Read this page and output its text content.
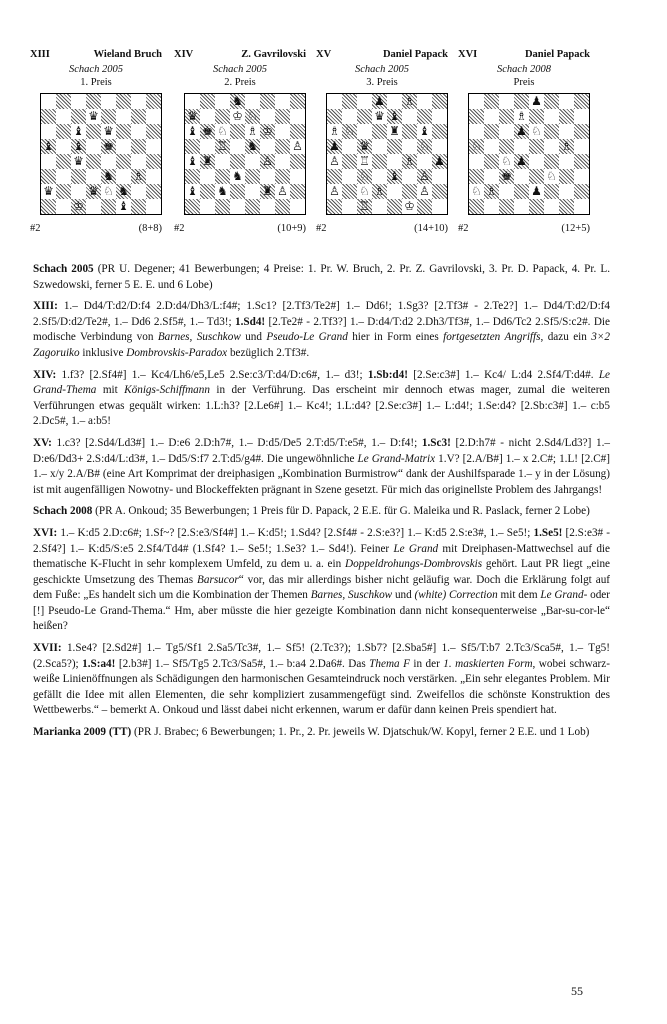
XIII	Wieland Bruch
Schach 2005
1. Preis
♛
♝ ♛
♝ ♝ ♚
♛
♞ ♗
♛	♛ ♘ ♞
♔	♝
#2	(8+8)
XIV	Z. Gavrilovski
Schach 2005
2. Preis
♞
♛	♔ ♘
♝ ♚ ♘ ♗ ♔
♖ ♞	♙
♝ ♜	♙
♞
♝ ♞	♜ ♙
#2	(10+9)
XV	Daniel Papack
Schach 2005
3. Preis
♟ ♗
♛ ♝
♗ ♘	♜ ♝
♟ ♛	♘
♙ ♖	♗ ♟
♘ ♝ ♙
♙ ♘ ♗	♙
♖	♔
#2	(14+10)
XVI	Daniel Papack
Schach 2008
Preis
♟
♗
♟ ♘
♘	♗
♘ ♟
♚	♘
♘ ♗	♟
#2	(12+5)

Schach 2005 (PR U. Degener; 41 Bewerbungen; 4 Preise: 1. Pr. W. Bruch, 2. Pr. Z. Gavrilovski, 3. Pr. D. Papack, 4. Pr. L. Szwedowski, ferner 5 E. E. und 6 Lobe)

XIII: 1.– Dd4/T:d2/D:f4 2.D:d4/Dh3/L:f4#; 1.Sc1? [2.Tf3/Te2#] 1.– Dd6!; 1.Sg3? [2.Tf3# - 2.Te2?] 1.– Dd4/T:d2/D:f4 2.Sf5/D:d2/Te2#, 1.– Dd6 2.Sf5#, 1.– Td3!; 1.Sd4! [2.Te2# - 2.Tf3?] 1.– D:d4/T:d2 2.Dh3/Tf3#, 1.– Dd6/Tc2 2.Sf5/S:c2#. Die modische Verbindung von Barnes, Suschkow und Pseudo-Le Grand hier in Form eines fortgesetzten Angriffs, dazu ein 3×2 Zagoruiko inklusive Dombrovskis-Paradox bezüglich 2.Tf3#.

XIV: 1.f3? [2.Sf4#] 1.– Kc4/Lh6/e5,Le5 2.Se:c3/T:d4/D:c6#, 1.– d3!; 1.Sb:d4! [2.Se:c3#] 1.– Kc4/ L:d4 2.Sf4/T:d4#. Le Grand-Thema mit Königs-Schiffmann in der Verführung. Das erscheint mir dennoch etwas mager, zumal die weiteren Verführungen etwas gequält wirken: 1.L:h3? [2.Le6#] 1.– Kc4!; 1.L:d4? [2.Se:c3#] 1.– L:d4!; 1.Se:d4? [2.Sb:c3#] 1.– c:b5 2.Dc5#, 1.– a:b5!

XV: 1.c3? [2.Sd4/Ld3#] 1.– D:e6 2.D:h7#, 1.– D:d5/De5 2.T:d5/T:e5#, 1.– D:f4!; 1.Sc3! [2.D:h7# - nicht 2.Sd4/Ld3?] 1.– D:e6/Dd3+ 2.S:d4/L:d3#, 1.– Dd5/S:f7 2.T:d5/g4#. Die ungewöhnliche Le Grand-Matrix 1.V? [2.A/B#] 1.– x 2.C#; 1.L! [2.C#] 1.– x/y 2.A/B# (eine Art Komprimat der dreiphasigen „Kombination Burmistrow“ dank der Aushilfsparade 1.– y in der Lösung) ist mit augenfälligen Nowotny- und Blockeffekten prägnant in Szene gesetzt. Für mich das originellste Problem des Jahrgangs!

Schach 2008 (PR A. Onkoud; 35 Bewerbungen; 1 Preis für D. Papack, 2 E.E. für G. Maleika und R. Paslack, ferner 2 Lobe)

XVI: 1.– K:d5 2.D:c6#; 1.Sf~? [2.S:e3/Sf4#] 1.– K:d5!; 1.Sd4? [2.Sf4# - 2.S:e3?] 1.– K:d5 2.S:e3#, 1.– Se5!; 1.Se5! [2.S:e3# - 2.Sf4?] 1.– K:d5/S:e5 2.Sf4/Td4# (1.Sf4? 1.– Se5!; 1.Se3? 1.– Sd4!). Feiner Le Grand mit Dreiphasen-Mattwechsel auf die thematische K-Flucht in sehr komplexem Umfeld, zu dem u. a. ein Doppeldrohungs-Dombrovskis gehört. Laut PR liegt „eine geschickte Umsetzung des Themas Barsucor“ vor, das mir allerdings bisher nicht geläufig war. Doch die Erklärung folgt auf dem Fuße: „Es handelt sich um die Kombination der Themen Barnes, Suschkow und (white) Correction mit dem Le Grand- oder [!] Pseudo-Le Grand-Thema.“ Hm, aber müsste die hier gezeigte Kombination dann nicht konsequenterweise „Bar-su-cor-le“ heißen?

XVII: 1.Se4? [2.Sd2#] 1.– Tg5/Sf1 2.Sa5/Tc3#, 1.– Sf5! (2.Tc3?); 1.Sb7? [2.Sba5#] 1.– Sf5/T:b7 2.Tc3/Sca5#, 1.– Tg5! (2.Sca5?); 1.S:a4! [2.b3#] 1.– Sf5/Tg5 2.Tc3/Sa5#, 1.– b:a4 2.Da6#. Das Thema F in der 1. maskierten Form, wobei schwarz-weiße Linienöffnungen als Schädigungen den harmonischen Gesamteindruck noch verstärken. „Ein sehr elegantes Problem. Mir gefällt die Idee mit allen Elementen, die sehr kompliziert zusammengefügt sind. Zweifellos die schönste Konstruktion des Wettbewerbs.“ – bemerkt A. Onkoud und lässt dabei nicht erkennen, warum er dafür dann keinen Preis spendiert hat.

Marianka 2009 (TT) (PR J. Brabec; 6 Bewerbungen; 1. Pr., 2. Pr. jeweils W. Djatschuk/W. Kopyl, ferner 2 E.E. und 1 Lob)

55
